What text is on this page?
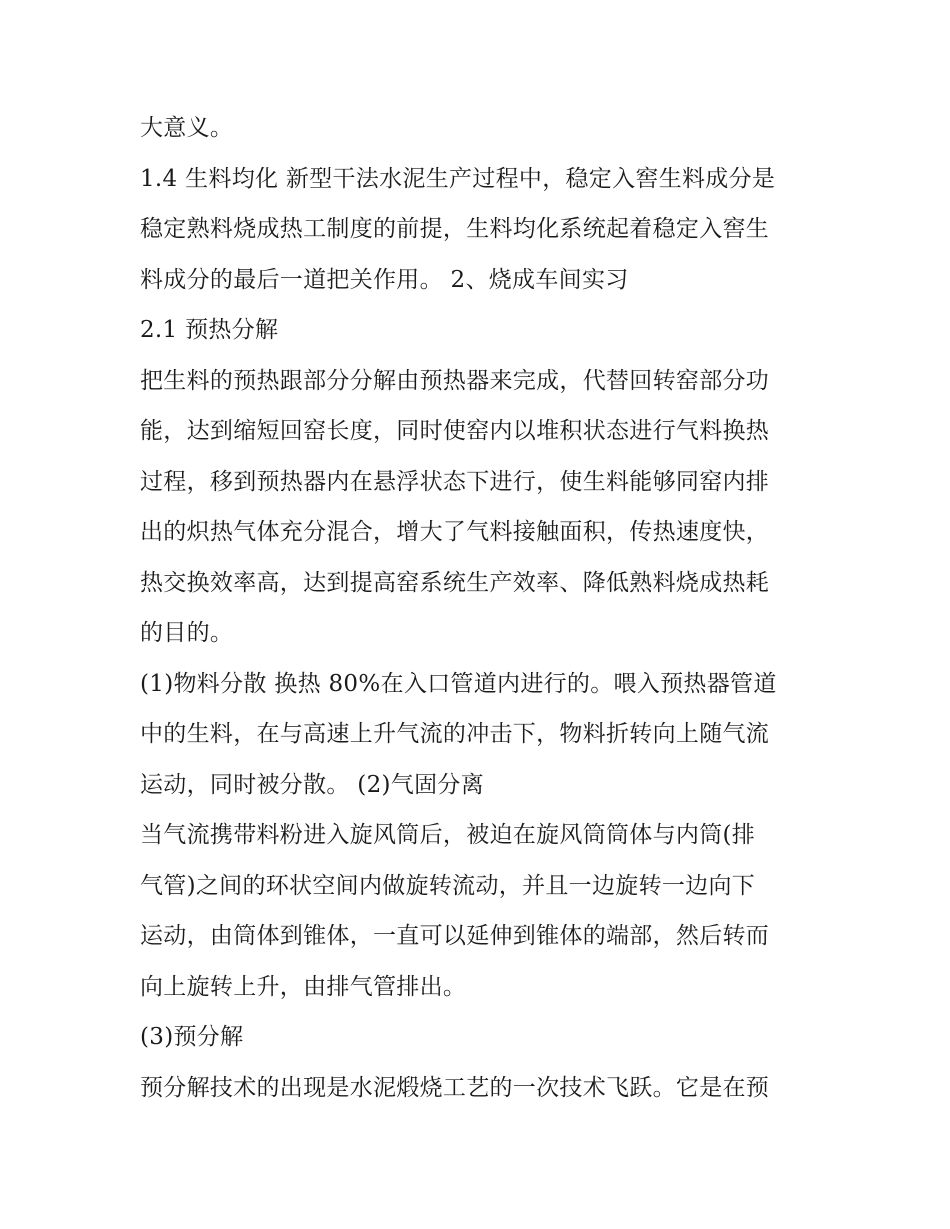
大意义。
1.4 生料均化 新型干法水泥生产过程中，稳定入窖生料成分是
稳定熟料烧成热工制度的前提，生料均化系统起着稳定入窖生
料成分的最后一道把关作用。 2、烧成车间实习
2.1 预热分解
把生料的预热跟部分分解由预热器来完成，代替回转窑部分功
能，达到缩短回窑长度，同时使窑内以堆积状态进行气料换热
过程，移到预热器内在悬浮状态下进行，使生料能够同窑内排
出的炽热气体充分混合，增大了气料接触面积，传热速度快，
热交换效率高，达到提高窑系统生产效率、降低熟料烧成热耗
的目的。
(1)物料分散 换热 80%在入口管道内进行的。喂入预热器管道
中的生料，在与高速上升气流的冲击下，物料折转向上随气流
运动，同时被分散。 (2)气固分离
当气流携带料粉进入旋风筒后，被迫在旋风筒筒体与内筒(排
气管)之间的环状空间内做旋转流动，并且一边旋转一边向下
运动，由筒体到锥体，一直可以延伸到锥体的端部，然后转而
向上旋转上升，由排气管排出。
(3)预分解
预分解技术的出现是水泥煅烧工艺的一次技术飞跃。它是在预
